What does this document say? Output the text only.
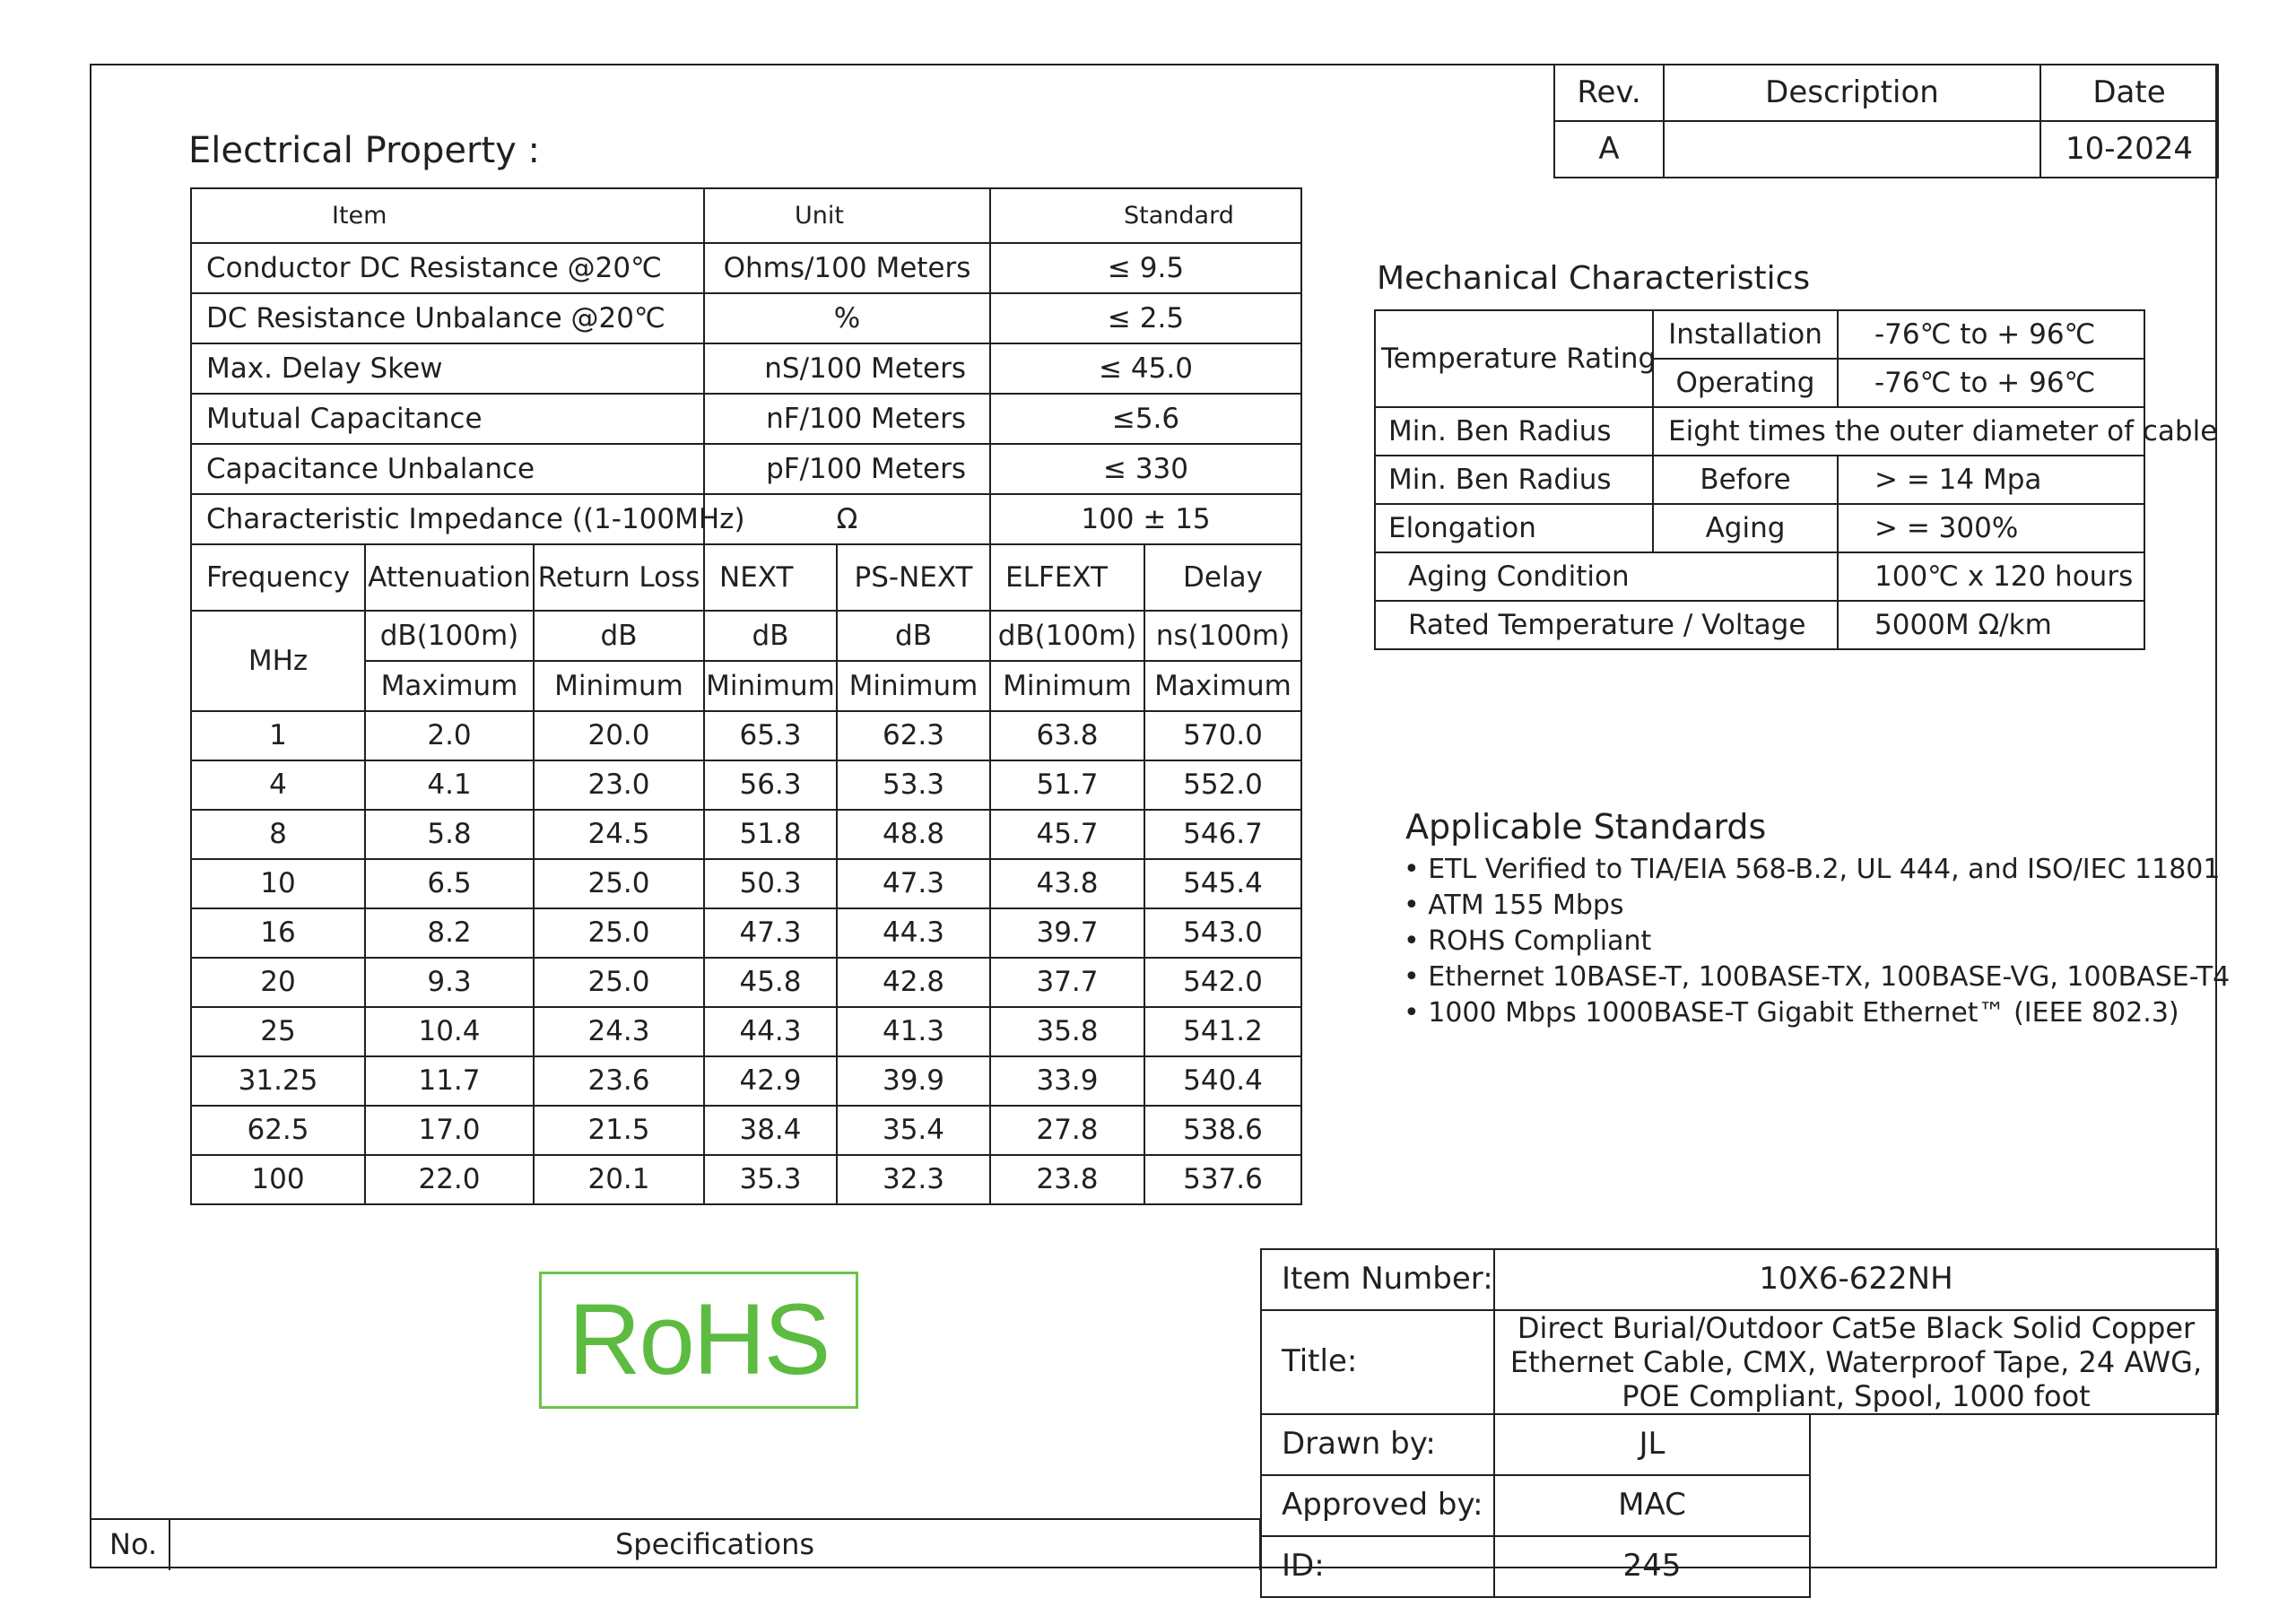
Rev.	Description	Date
A		10-2024
Electrical Property :
Item			Unit		Standard	
Conductor DC Resistance @20℃			Ohms/100 Meters		≤ 9.5	
DC Resistance Unbalance @20℃			%		≤ 2.5	
Max. Delay Skew			nS/100 Meters		≤ 45.0	
Mutual Capacitance			nF/100 Meters		≤5.6	
Capacitance Unbalance			pF/100 Meters		≤ 330	
Characteristic Impedance ((1-100MHz)			Ω		100 ± 15	
Frequency	Attenuation	Return Loss	NEXT	PS-NEXT	ELFEXT	Delay
MHz	dB(100m)	dB	dB	dB	dB(100m)	ns(100m)
	Maximum	Minimum	Minimum	Minimum	Minimum	Maximum
1	2.0	20.0	65.3	62.3	63.8	570.0
4	4.1	23.0	56.3	53.3	51.7	552.0
8	5.8	24.5	51.8	48.8	45.7	546.7
10	6.5	25.0	50.3	47.3	43.8	545.4
16	8.2	25.0	47.3	44.3	39.7	543.0
20	9.3	25.0	45.8	42.8	37.7	542.0
25	10.4	24.3	44.3	41.3	35.8	541.2
31.25	11.7	23.6	42.9	39.9	33.9	540.4
62.5	17.0	21.5	38.4	35.4	27.8	538.6
100	22.0	20.1	35.3	32.3	23.8	537.6
Mechanical Characteristics
Temperature Rating	Installation	-76℃ to + 96℃
	Operating	-76℃ to + 96℃
Min. Ben Radius	Eight times the outer diameter of cable	
Min. Ben Radius	Before	> = 14 Mpa
Elongation	Aging	> = 300%
Aging Condition		100℃ x 120 hours
Rated Temperature / Voltage		5000M Ω/km
Applicable Standards
• ETL Verified to TIA/EIA 568-B.2, UL 444, and ISO/IEC 11801
• ATM 155 Mbps
• ROHS Compliant
• Ethernet 10BASE-T, 100BASE-TX, 100BASE-VG, 100BASE-T4
• 1000 Mbps 1000BASE-T Gigabit Ethernet™ (IEEE 802.3)
RoHS
Item Number:	10X6-622NH	
Title:	Direct Burial/Outdoor Cat5e Black Solid Copper
Ethernet Cable, CMX, Waterproof Tape, 24 AWG,
POE Compliant, Spool, 1000 foot	

Drawn by:	JL	
Approved by:	MAC	
ID:	245	
No.	Specifications
